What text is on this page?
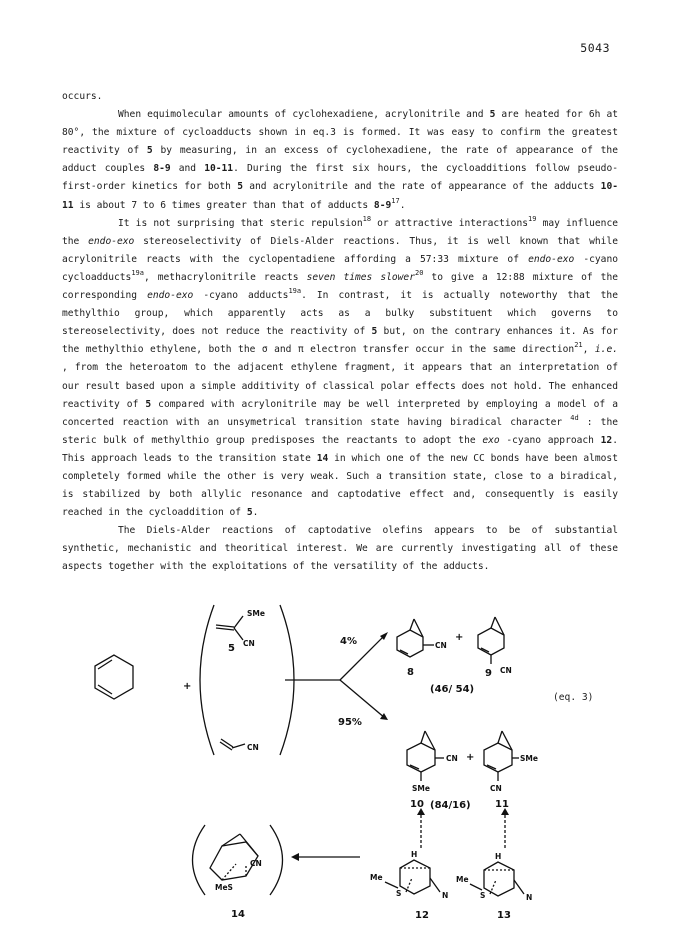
5043

occurs.

When equimolecular amounts of cyclohexadiene, acrylonitrile and 5 are heated for 6h at 80°, the mixture of cycloadducts shown in eq.3 is formed. It was easy to confirm the greatest reactivity of 5 by measuring, in an excess of cyclohexadiene, the rate of appearance of the adduct couples 8-9 and 10-11. During the first six hours, the cycloadditions follow pseudo-first-order kinetics for both 5 and acrylonitrile and the rate of appearance of the adducts 10-11 is about 7 to 6 times greater than that of adducts $8-9^{17}$.

It is not surprising that steric repulsion$^{18}$ or attractive interactions$^{19}$ may influence the endo-exo stereoselectivity of Diels-Alder reactions. Thus, it is well known that while acrylonitrile reacts with the cyclopentadiene affording a 57:33 mixture of endo-exo -cyano cycloadducts$^{19a}$, methacrylonitrile reacts seven times slower$^{20}$ to give a 12:88 mixture of the corresponding endo-exo -cyano adducts$^{19a}$. In contrast, it is actually noteworthy that the methylthio group, which apparently acts as a bulky substituent which governs to stereoselectivity, does not reduce the reactivity of 5 but, on the contrary enhances it. As for the methylthio ethylene, both the σ and π electron transfer occur in the same direction$^{21}$, i.e. , from the heteroatom to the adjacent ethylene fragment, it appears that an interpretation of our result based upon a simple additivity of classical polar effects does not hold. The enhanced reactivity of 5 compared with acrylonitrile may be well interpreted by employing a model of a concerted reaction with an unsymetrical transition state having biradical character $^{4d}$ : the steric bulk of methylthio group predisposes the reactants to adopt the exo -cyano approach 12. This approach leads to the transition state 14 in which one of the new CC bonds have been almost completely formed while the other is very weak. Such a transition state, close to a biradical, is stabilized by both allylic resonance and captodative effect and, consequently is easily reached in the cycloaddition of 5.

The Diels-Alder reactions of captodative olefins appears to be of substantial synthetic, mechanistic and theoritical interest. We are currently investigating all of these aspects together with the exploitations of the versatility of the adducts.

(eq. 3)
SMe
CN
5
CN
+
4%
95%
CN
+
8	9 CN
(46/ 54)
CN +	SMe
SMe	CN
10 (84/16) 11
Me
S	N
H
12
Me
S	N
H
13
CN
MeS
14
